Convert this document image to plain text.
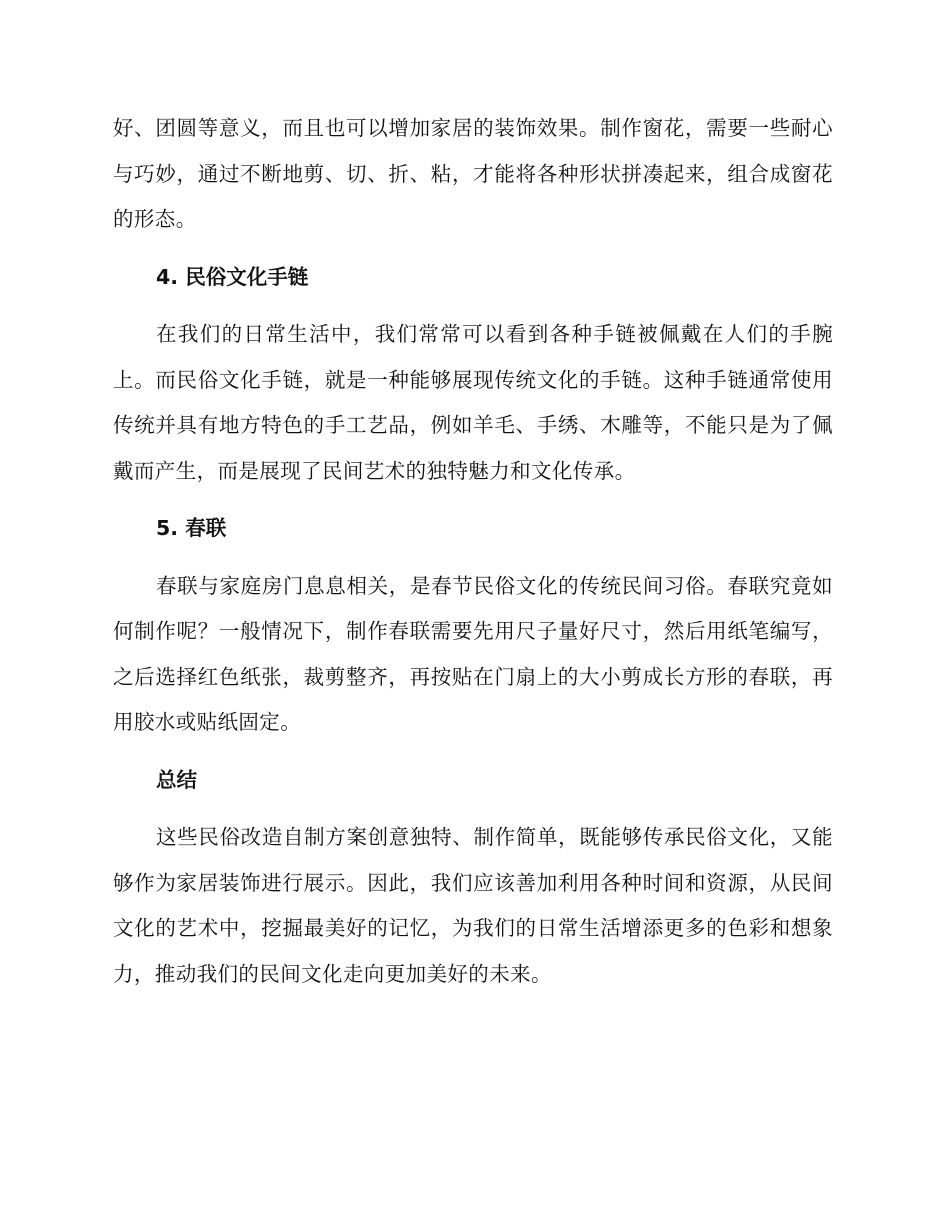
好、团圆等意义，而且也可以增加家居的装饰效果。制作窗花，需要一些耐心与巧妙，通过不断地剪、切、折、粘，才能将各种形状拼凑起来，组合成窗花的形态。

4. 民俗文化手链

在我们的日常生活中，我们常常可以看到各种手链被佩戴在人们的手腕上。而民俗文化手链，就是一种能够展现传统文化的手链。这种手链通常使用传统并具有地方特色的手工艺品，例如羊毛、手绣、木雕等，不能只是为了佩戴而产生，而是展现了民间艺术的独特魅力和文化传承。

5. 春联

春联与家庭房门息息相关，是春节民俗文化的传统民间习俗。春联究竟如何制作呢？一般情况下，制作春联需要先用尺子量好尺寸，然后用纸笔编写，之后选择红色纸张，裁剪整齐，再按贴在门扇上的大小剪成长方形的春联，再用胶水或贴纸固定。

总结

这些民俗改造自制方案创意独特、制作简单，既能够传承民俗文化，又能够作为家居装饰进行展示。因此，我们应该善加利用各种时间和资源，从民间文化的艺术中，挖掘最美好的记忆，为我们的日常生活增添更多的色彩和想象力，推动我们的民间文化走向更加美好的未来。
